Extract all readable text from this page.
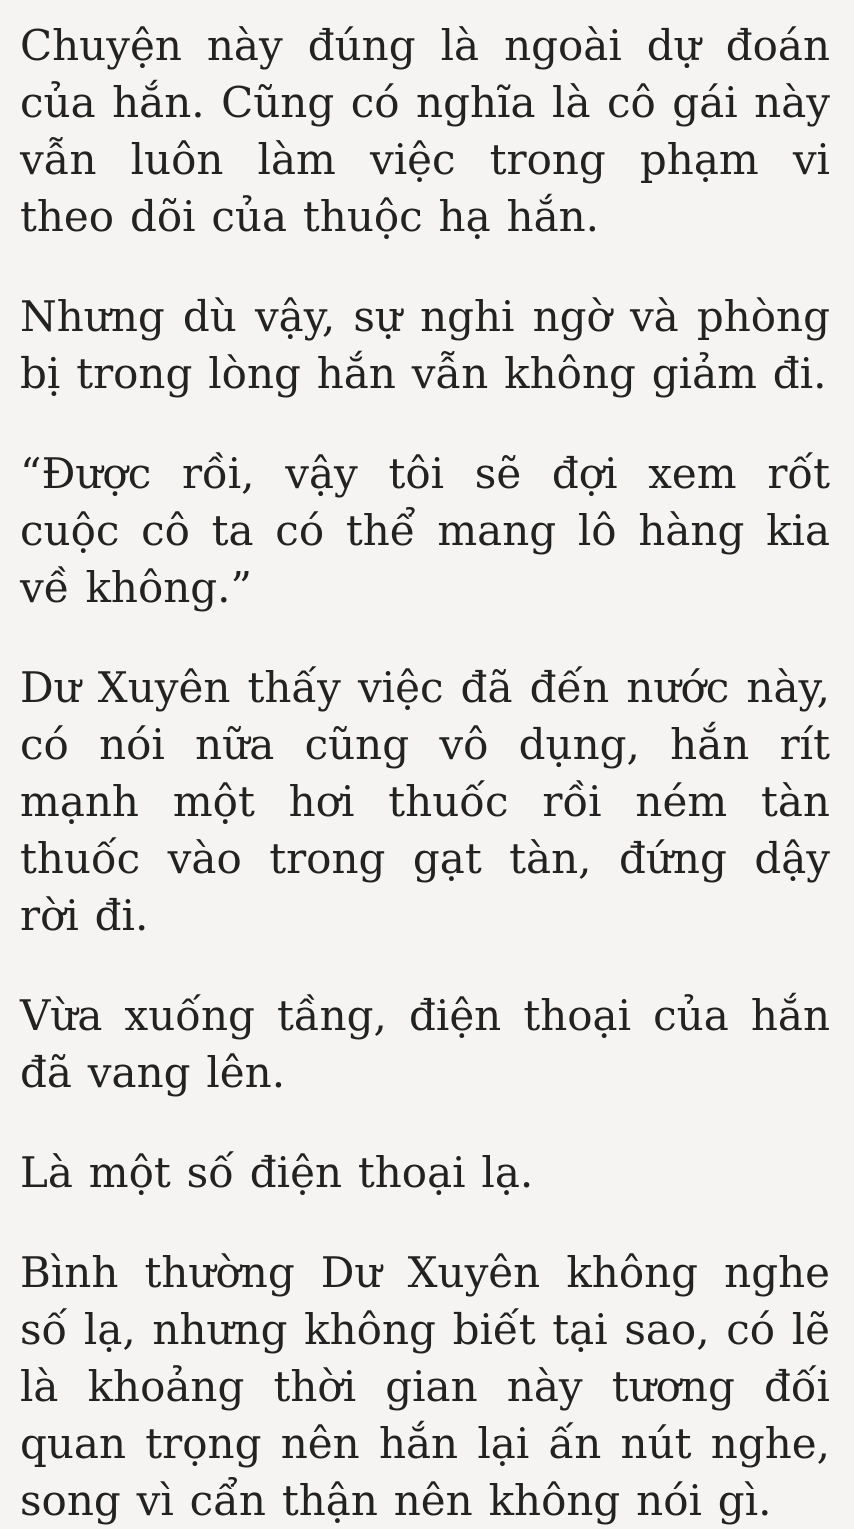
Chuyện này đúng là ngoài dự đoán của hắn. Cũng có nghĩa là cô gái này vẫn luôn làm việc trong phạm vi theo dõi của thuộc hạ hắn.

Nhưng dù vậy, sự nghi ngờ và phòng bị trong lòng hắn vẫn không giảm đi.

“Được rồi, vậy tôi sẽ đợi xem rốt cuộc cô ta có thể mang lô hàng kia về không.”

Dư Xuyên thấy việc đã đến nước này, có nói nữa cũng vô dụng, hắn rít mạnh một hơi thuốc rồi ném tàn thuốc vào trong gạt tàn, đứng dậy rời đi.

Vừa xuống tầng, điện thoại của hắn đã vang lên.

Là một số điện thoại lạ.

Bình thường Dư Xuyên không nghe số lạ, nhưng không biết tại sao, có lẽ là khoảng thời gian này tương đối quan trọng nên hắn lại ấn nút nghe, song vì cẩn thận nên không nói gì.
